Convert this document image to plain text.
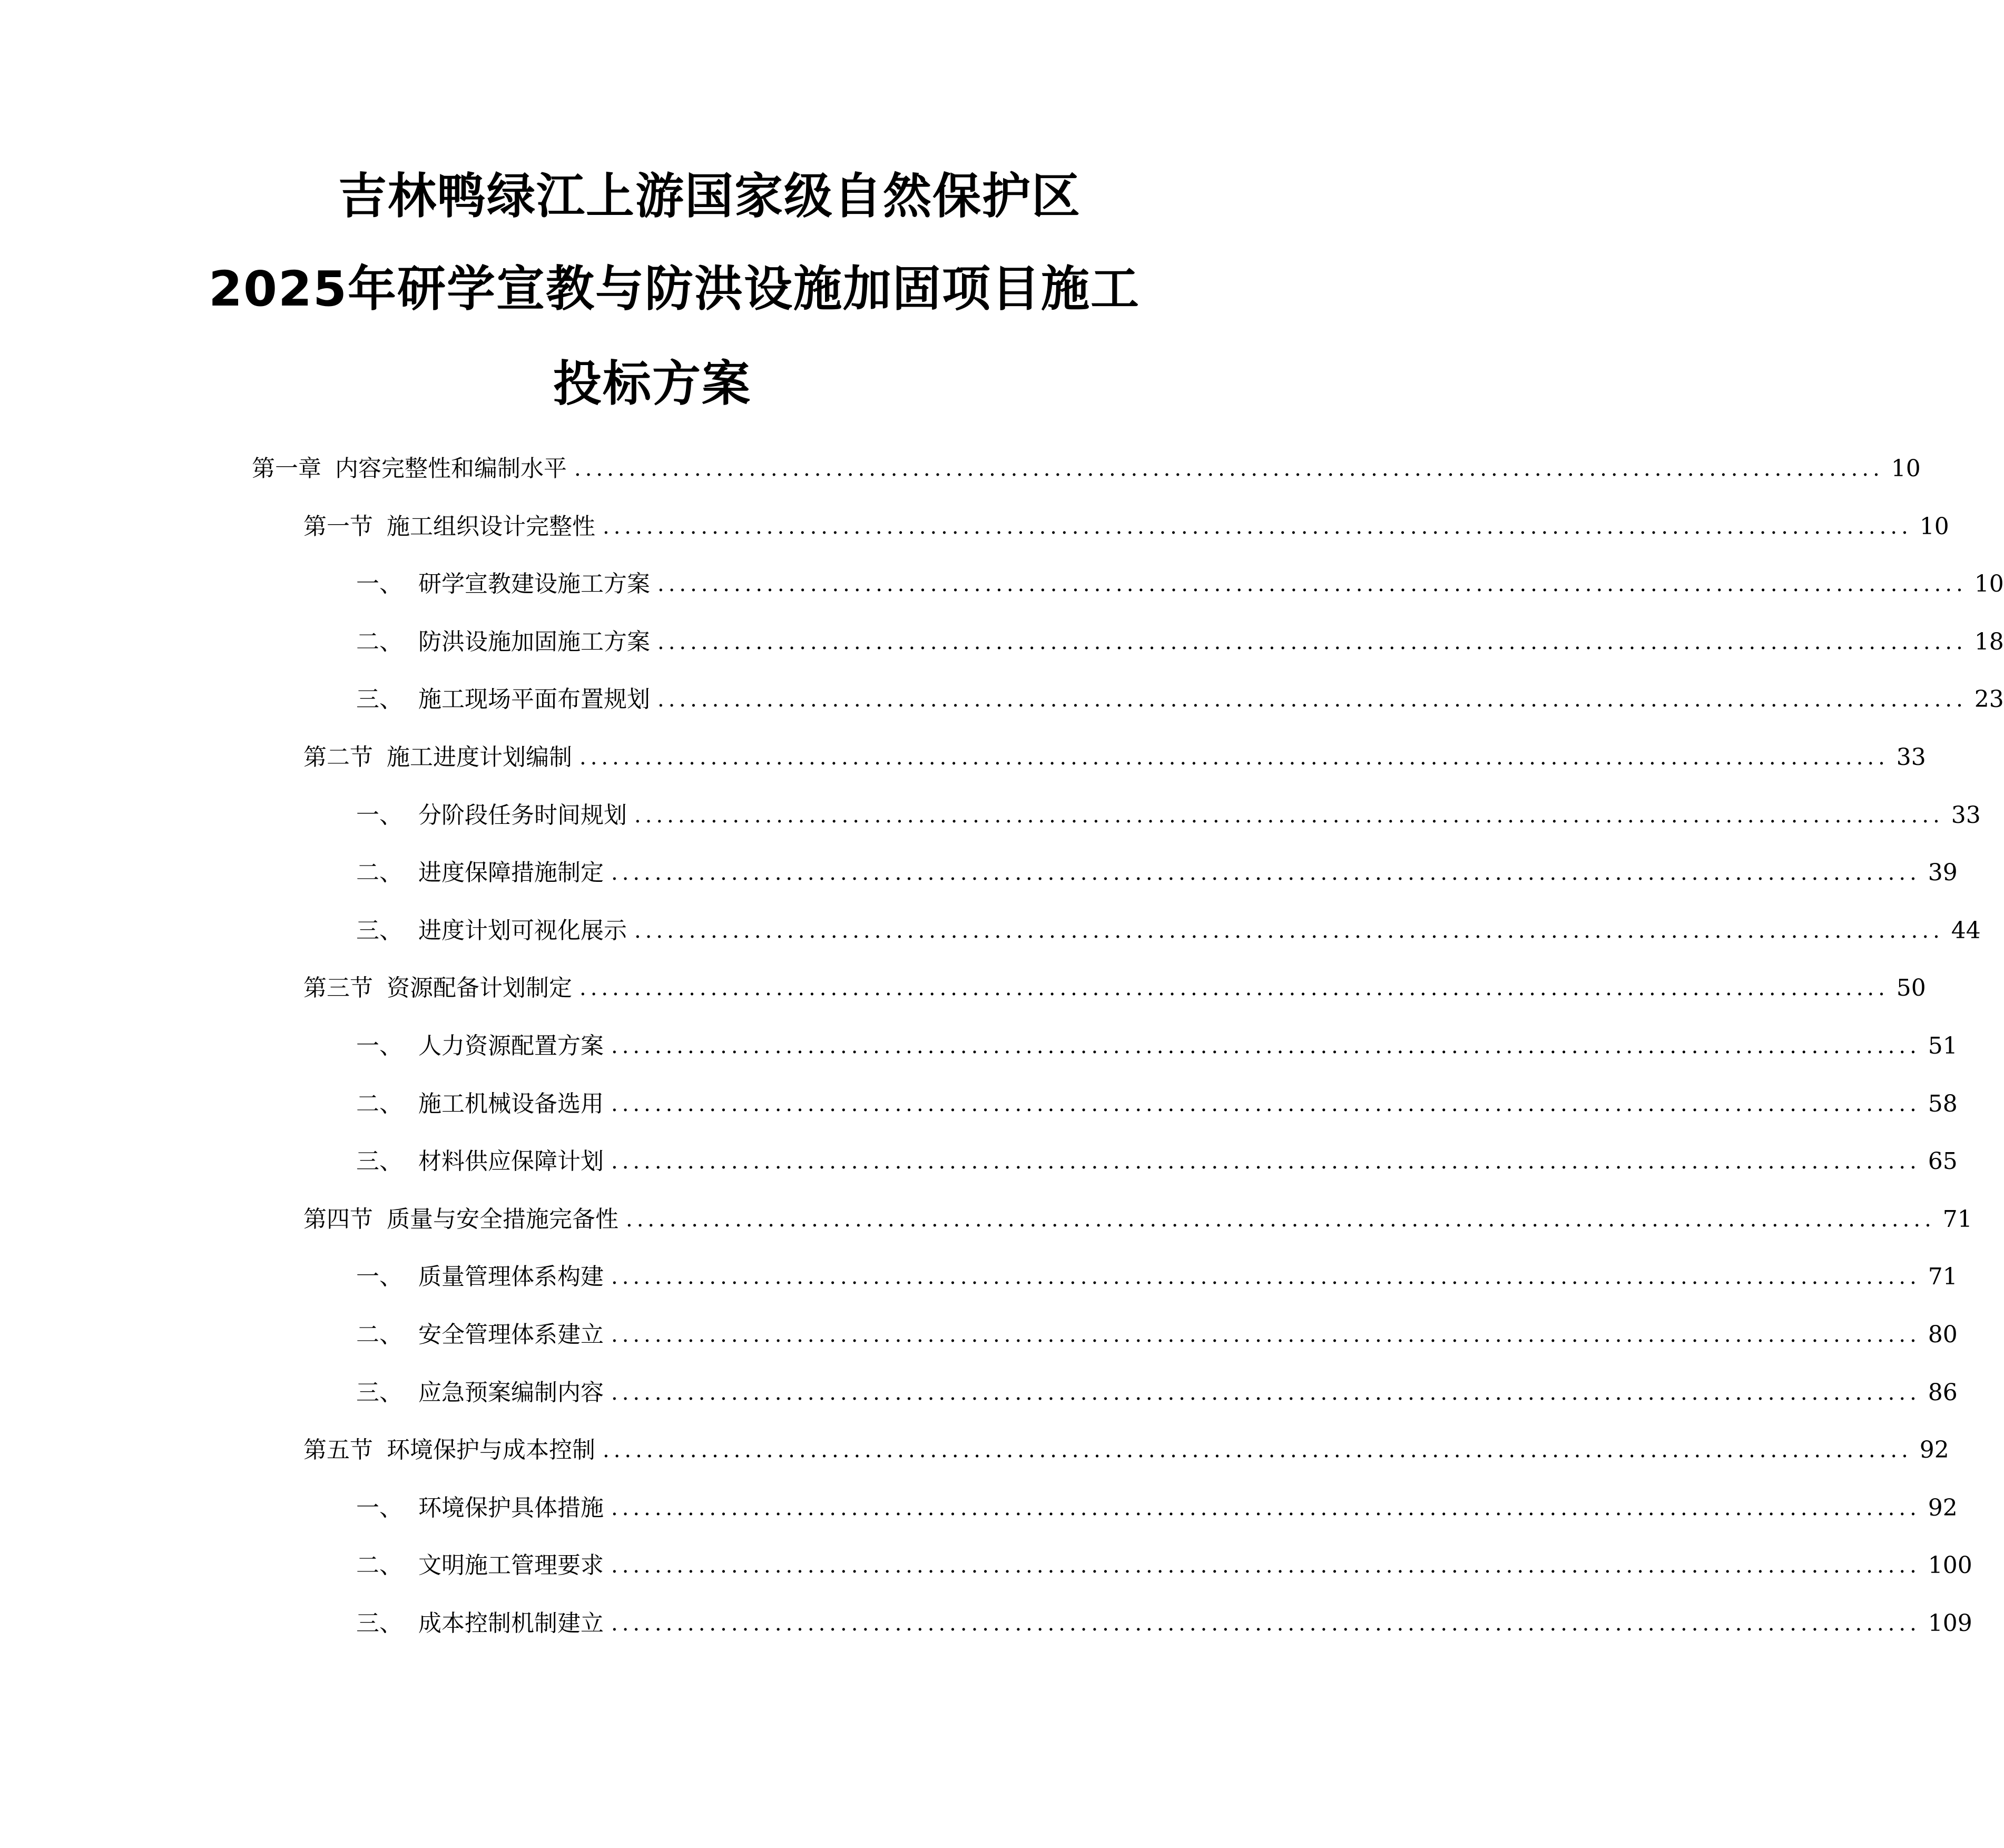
吉林鸭绿江上游国家级自然保护区
2025年研学宣教与防洪设施加固项目施工
投标方案
第一章 内容完整性和编制水平 ........................................................................................................................ 10
第一节 施工组织设计完整性 ........................................................................................................................ 10
一、 研学宣教建设施工方案 ........................................................................................................................ 10
二、 防洪设施加固施工方案 ........................................................................................................................ 18
三、 施工现场平面布置规划 ........................................................................................................................ 23
第二节 施工进度计划编制 ........................................................................................................................ 33
一、 分阶段任务时间规划 ........................................................................................................................ 33
二、 进度保障措施制定 ........................................................................................................................ 39
三、 进度计划可视化展示 ........................................................................................................................ 44
第三节 资源配备计划制定 ........................................................................................................................ 50
一、 人力资源配置方案 ........................................................................................................................ 51
二、 施工机械设备选用 ........................................................................................................................ 58
三、 材料供应保障计划 ........................................................................................................................ 65
第四节 质量与安全措施完备性 ........................................................................................................................ 71
一、 质量管理体系构建 ........................................................................................................................ 71
二、 安全管理体系建立 ........................................................................................................................ 80
三、 应急预案编制内容 ........................................................................................................................ 86
第五节 环境保护与成本控制 ........................................................................................................................ 92
一、 环境保护具体措施 ........................................................................................................................ 92
二、 文明施工管理要求 ........................................................................................................................ 100
三、 成本控制机制建立 ........................................................................................................................ 109
